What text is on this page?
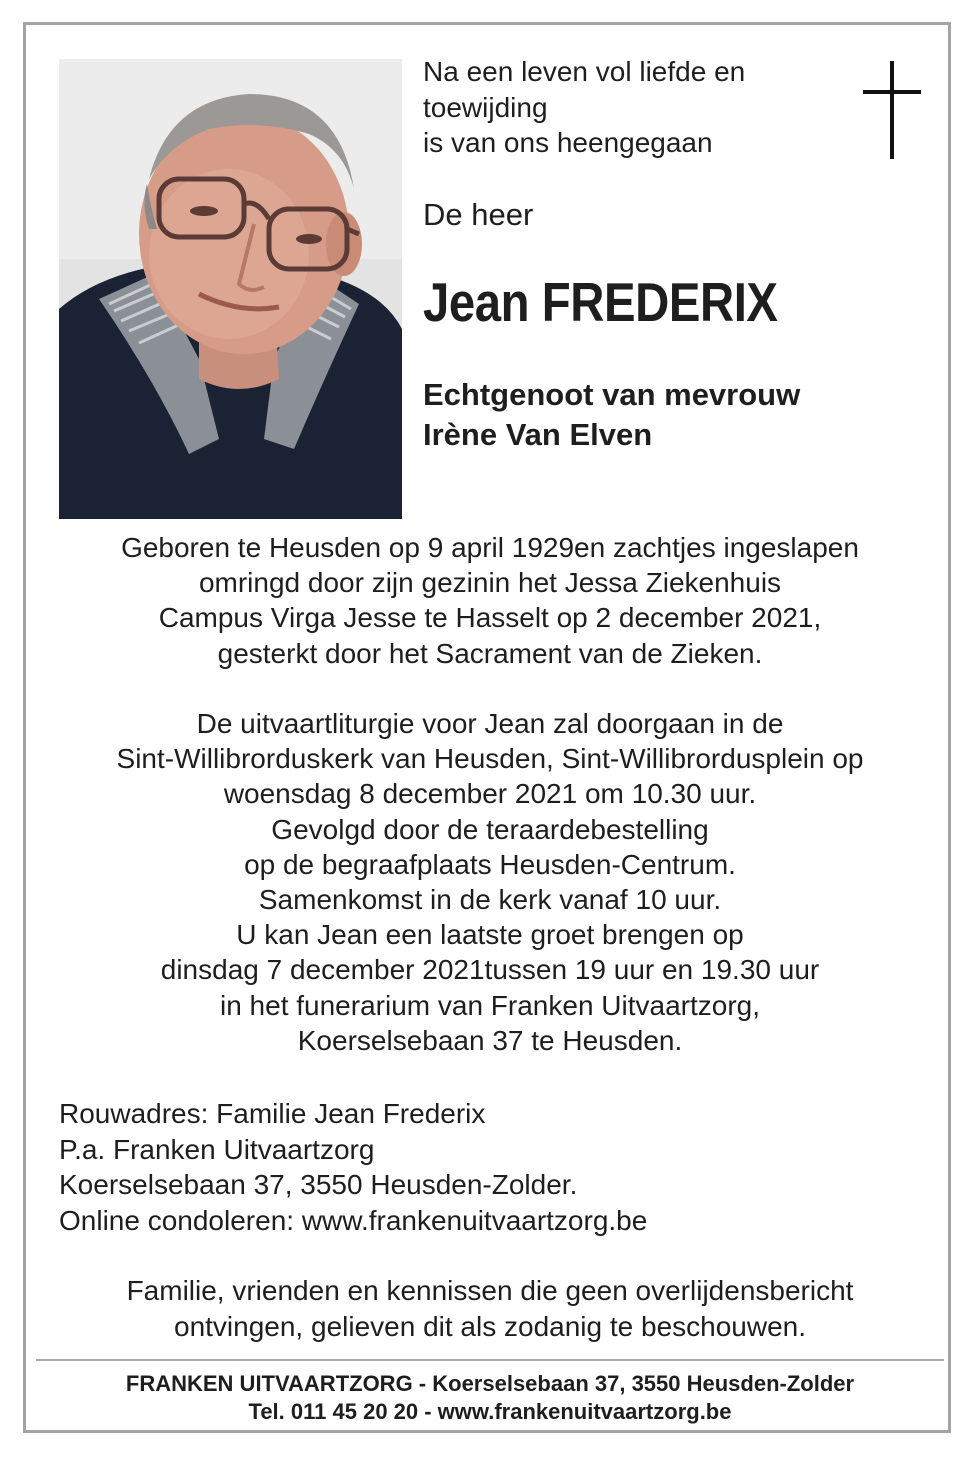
Na een leven vol liefde en
toewijding
is van ons heengegaan
De heer
Jean FREDERIX
Echtgenoot van mevrouw
Irène Van Elven
Geboren te Heusden op 9 april 1929en zachtjes ingeslapen
omringd door zijn gezinin het Jessa Ziekenhuis
Campus Virga Jesse te Hasselt op 2 december 2021,
gesterkt door het Sacrament van de Zieken.
De uitvaartliturgie voor Jean zal doorgaan in de
Sint-Willibrorduskerk van Heusden, Sint-Willibrordusplein op
woensdag 8 december 2021 om 10.30 uur.
Gevolgd door de teraardebestelling
op de begraafplaats Heusden-Centrum.
Samenkomst in de kerk vanaf 10 uur.
U kan Jean een laatste groet brengen op
dinsdag 7 december 2021tussen 19 uur en 19.30 uur
in het funerarium van Franken Uitvaartzorg,
Koerselsebaan 37 te Heusden.
Rouwadres: Familie Jean Frederix
P.a. Franken Uitvaartzorg
Koerselsebaan 37, 3550 Heusden-Zolder.
Online condoleren: www.frankenuitvaartzorg.be
Familie, vrienden en kennissen die geen overlijdensbericht
ontvingen, gelieven dit als zodanig te beschouwen.
FRANKEN UITVAARTZORG - Koerselsebaan 37, 3550 Heusden-Zolder
Tel. 011 45 20 20 - www.frankenuitvaartzorg.be
